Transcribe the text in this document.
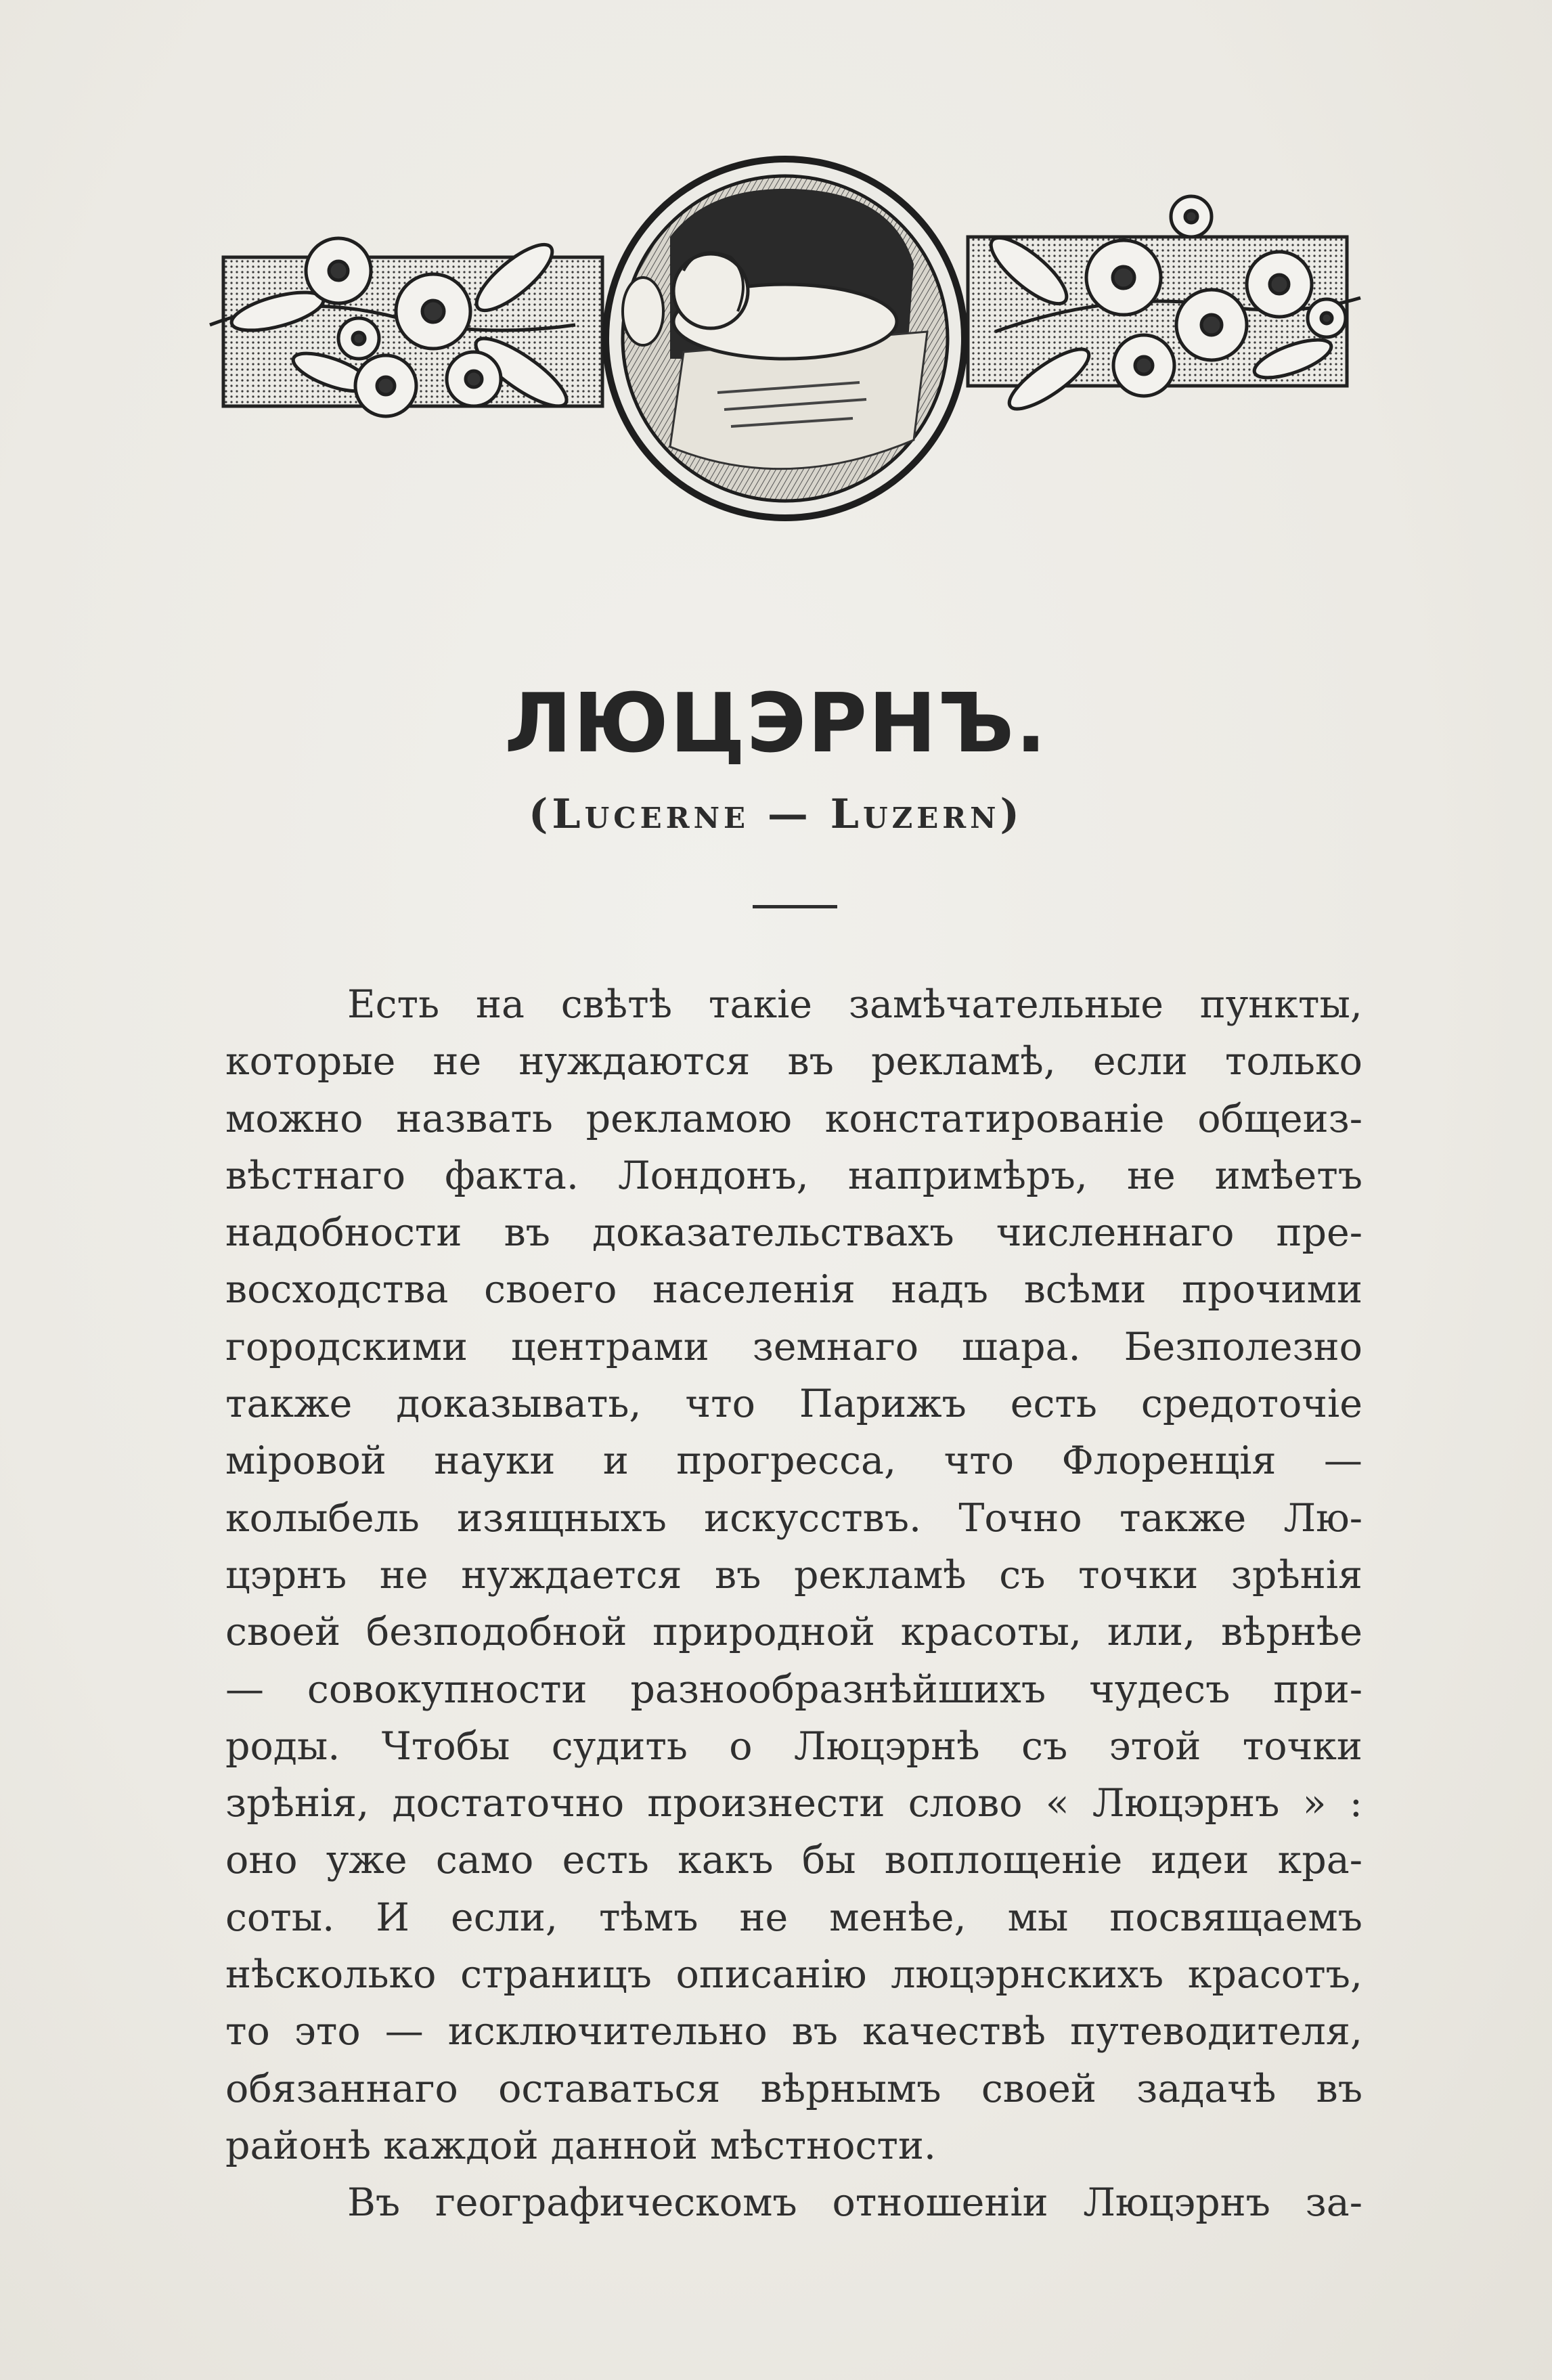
ЛЮЦЭРНЪ.
(Lucerne — Luzern)
Есть на свѣтѣ такіе замѣчательные пункты,
которые не нуждаются въ рекламѣ, если только
можно назвать рекламою констатированіе общеиз-
вѣстнаго факта. Лондонъ, напримѣръ, не имѣетъ
надобности въ доказательствахъ численнаго пре-
восходства своего населенія надъ всѣми прочими
городскими центрами земнаго шара. Безполезно
также доказывать, что Парижъ есть средоточіе
міровой науки и прогресса, что Флоренція —
колыбель изящныхъ искусствъ. Точно также Лю-
цэрнъ не нуждается въ рекламѣ съ точки зрѣнія
своей безподобной природной красоты, или, вѣрнѣе
— совокупности разнообразнѣйшихъ чудесъ при-
роды. Чтобы судить о Люцэрнѣ съ этой точки
зрѣнія, достаточно произнести слово « Люцэрнъ » :
оно уже само есть какъ бы воплощеніе идеи кра-
соты. И если, тѣмъ не менѣе, мы посвящаемъ
нѣсколько страницъ описанію люцэрнскихъ красотъ,
то это — исключительно въ качествѣ путеводителя,
обязаннаго оставаться вѣрнымъ своей задачѣ въ
районѣ каждой данной мѣстности.
Въ географическомъ отношеніи Люцэрнъ за-
